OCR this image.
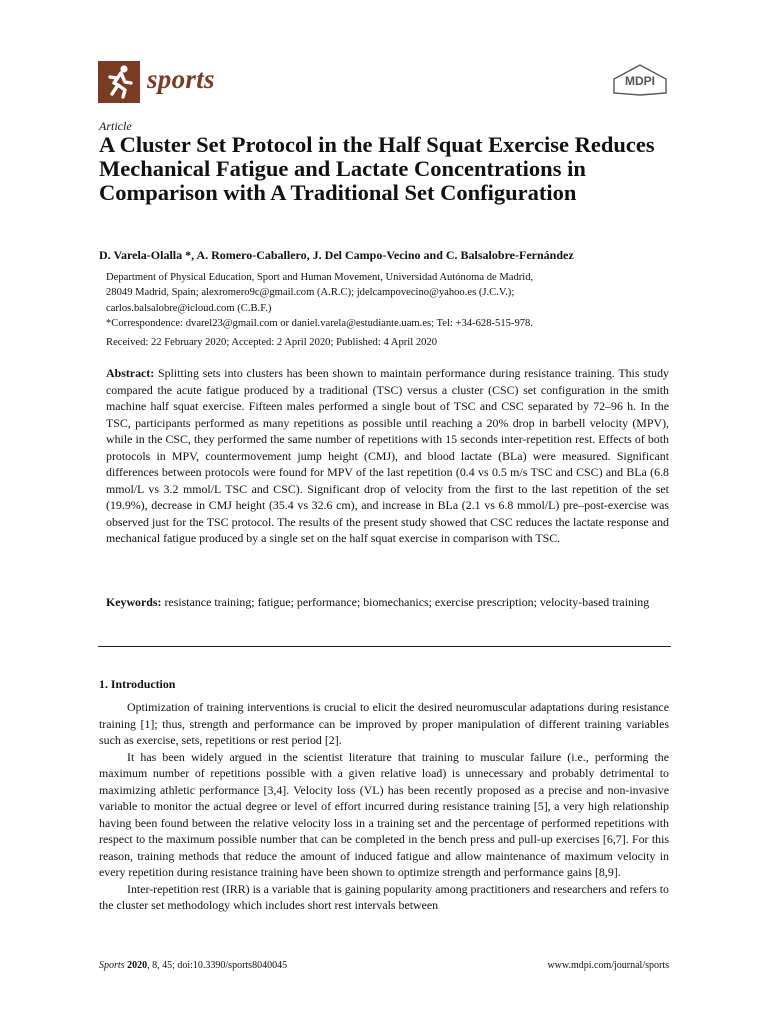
sports	MDPI
Article
A Cluster Set Protocol in the Half Squat Exercise Reduces Mechanical Fatigue and Lactate Concentrations in Comparison with A Traditional Set Configuration
D. Varela-Olalla *, A. Romero-Caballero, J. Del Campo-Vecino and C. Balsalobre-Fernández
Department of Physical Education, Sport and Human Movement, Universidad Autónoma de Madrid,
28049 Madrid, Spain; alexromero9c@gmail.com (A.R.C); jdelcampovecino@yahoo.es (J.C.V.);
carlos.balsalobre@icloud.com (C.B.F.)
*Correspondence: dvarel23@gmail.com or daniel.varela@estudiante.uam.es; Tel: +34-628-515-978.
Received: 22 February 2020; Accepted: 2 April 2020; Published: 4 April 2020

Abstract: Splitting sets into clusters has been shown to maintain performance during resistance training. This study compared the acute fatigue produced by a traditional (TSC) versus a cluster (CSC) set configuration in the smith machine half squat exercise. Fifteen males performed a single bout of TSC and CSC separated by 72–96 h. In the TSC, participants performed as many repetitions as possible until reaching a 20% drop in barbell velocity (MPV), while in the CSC, they performed the same number of repetitions with 15 seconds inter-repetition rest. Effects of both protocols in MPV, countermovement jump height (CMJ), and blood lactate (BLa) were measured. Significant differences between protocols were found for MPV of the last repetition (0.4 vs 0.5 m/s TSC and CSC) and BLa (6.8 mmol/L vs 3.2 mmol/L TSC and CSC). Significant drop of velocity from the first to the last repetition of the set (19.9%), decrease in CMJ height (35.4 vs 32.6 cm), and increase in BLa (2.1 vs 6.8 mmol/L) pre–post-exercise was observed just for the TSC protocol. The results of the present study showed that CSC reduces the lactate response and mechanical fatigue produced by a single set on the half squat exercise in comparison with TSC.

Keywords: resistance training; fatigue; performance; biomechanics; exercise prescription; velocity-based training

1. Introduction

Optimization of training interventions is crucial to elicit the desired neuromuscular adaptations during resistance training [1]; thus, strength and performance can be improved by proper manipulation of different training variables such as exercise, sets, repetitions or rest period [2].

It has been widely argued in the scientist literature that training to muscular failure (i.e., performing the maximum number of repetitions possible with a given relative load) is unnecessary and probably detrimental to maximizing athletic performance [3,4]. Velocity loss (VL) has been recently proposed as a precise and non-invasive variable to monitor the actual degree or level of effort incurred during resistance training [5], a very high relationship having been found between the relative velocity loss in a training set and the percentage of performed repetitions with respect to the maximum possible number that can be completed in the bench press and pull-up exercises [6,7]. For this reason, training methods that reduce the amount of induced fatigue and allow maintenance of maximum velocity in every repetition during resistance training have been shown to optimize strength and performance gains [8,9].

Inter-repetition rest (IRR) is a variable that is gaining popularity among practitioners and researchers and refers to the cluster set methodology which includes short rest intervals between

Sports 2020, 8, 45; doi:10.3390/sports8040045	www.mdpi.com/journal/sports
